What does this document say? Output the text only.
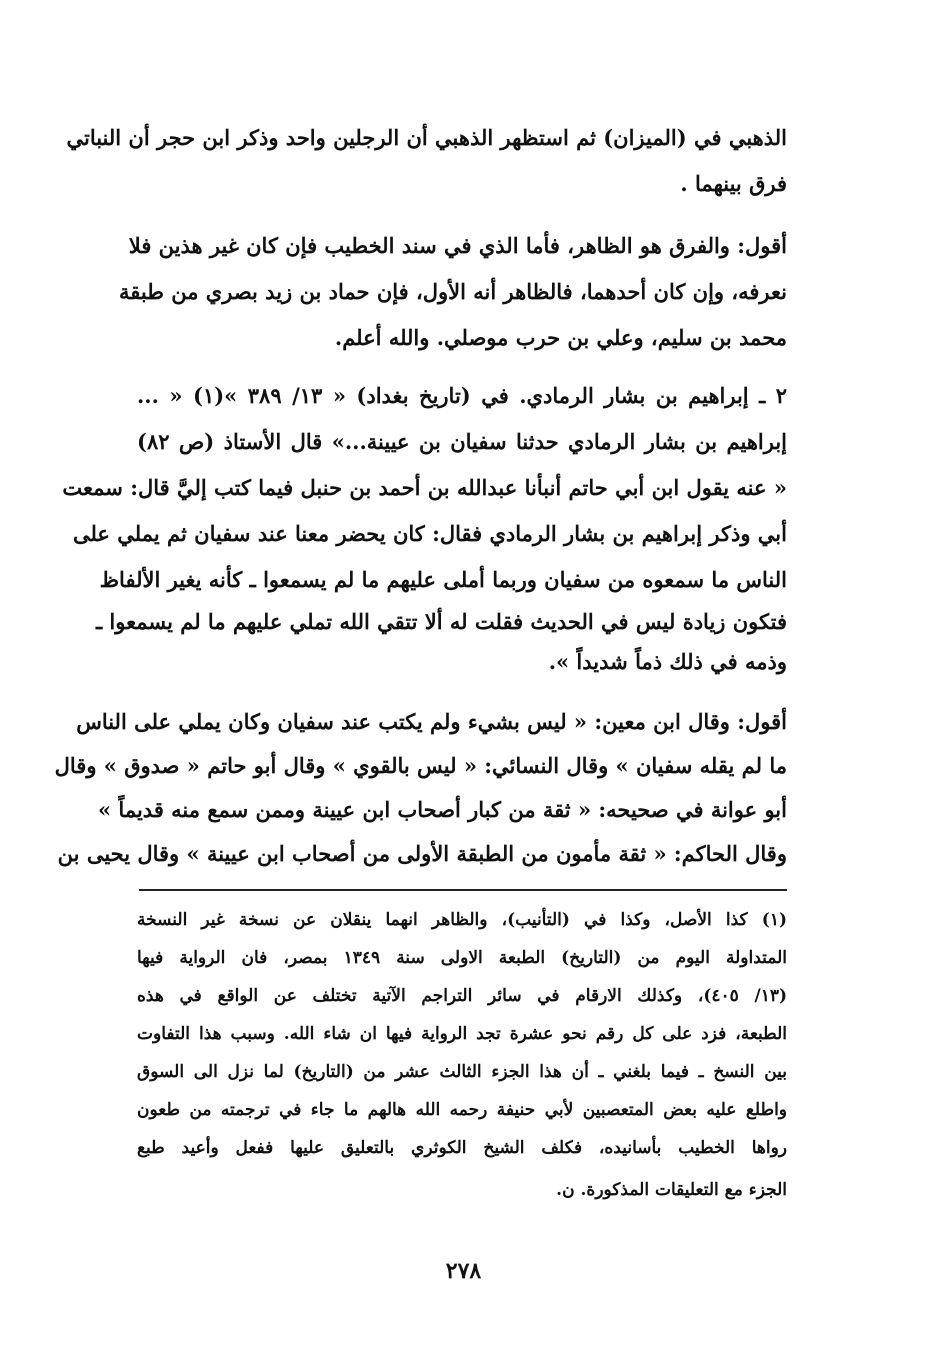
الذهبي في (الميزان) ثم استظهر الذهبي أن الرجلين واحد وذكر ابن حجر أن النباتي
فرق بينهما .
أقول: والفرق هو الظاهر، فأما الذي في سند الخطيب فإن كان غير هذين فلا
نعرفه، وإن كان أحدهما، فالظاهر أنه الأول، فإن حماد بن زيد بصري من طبقة
محمد بن سليم، وعلي بن حرب موصلي. والله أعلم.
٢ ـ إبراهيم بن بشار الرمادي. في (تاريخ بغداد) « ١٣/ ٣٨٩ »(١) « ...
إبراهيم بن بشار الرمادي حدثنا سفيان بن عيينة...» قال الأستاذ (ص ٨٢)
« عنه يقول ابن أبي حاتم أنبأنا عبدالله بن أحمد بن حنبل فيما كتب إليَّ قال: سمعت
أبي وذكر إبراهيم بن بشار الرمادي فقال: كان يحضر معنا عند سفيان ثم يملي على
الناس ما سمعوه من سفيان وربما أملى عليهم ما لم يسمعوا ـ كأنه يغير الألفاظ
فتكون زيادة ليس في الحديث فقلت له ألا تتقي الله تملي عليهم ما لم يسمعوا ـ
وذمه في ذلك ذماً شديداً ».
أقول: وقال ابن معين: « ليس بشيء ولم يكتب عند سفيان وكان يملي على الناس
ما لم يقله سفيان » وقال النسائي: « ليس بالقوي » وقال أبو حاتم « صدوق » وقال
أبو عوانة في صحيحه: « ثقة من كبار أصحاب ابن عيينة وممن سمع منه قديماً »
وقال الحاكم: « ثقة مأمون من الطبقة الأولى من أصحاب ابن عيينة » وقال يحيى بن
(١) كذا الأصل، وكذا في (التأنيب)، والظاهر انهما ينقلان عن نسخة غير النسخة
المتداولة اليوم من (التاريخ) الطبعة الاولى سنة ١٣٤٩ بمصر، فان الرواية فيها
(١٣/ ٤٠٥)، وكذلك الارقام في سائر التراجم الآتية تختلف عن الواقع في هذه
الطبعة، فزد على كل رقم نحو عشرة تجد الرواية فيها ان شاء الله. وسبب هذا التفاوت
بين النسخ ـ فيما بلغني ـ أن هذا الجزء الثالث عشر من (التاريخ) لما نزل الى السوق
واطلع عليه بعض المتعصبين لأبي حنيفة رحمه الله هالهم ما جاء في ترجمته من طعون
رواها الخطيب بأسانيده، فكلف الشيخ الكوثري بالتعليق عليها ففعل وأعيد طبع
الجزء مع التعليقات المذكورة. ن.
٢٧٨
